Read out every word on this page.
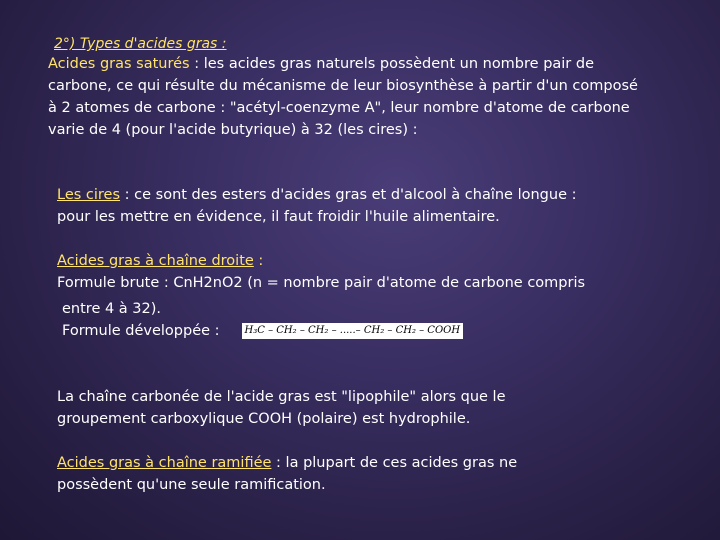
2°) Types d'acides gras :
Acides gras saturés : les acides gras naturels possèdent un nombre pair de
carbone, ce qui résulte du mécanisme de leur biosynthèse à partir d'un composé
à 2 atomes de carbone : "acétyl-coenzyme A", leur nombre d'atome de carbone
varie de 4 (pour l'acide butyrique) à 32 (les cires) :
Les cires : ce sont des esters d'acides gras et d'alcool à chaîne longue :
pour les mettre en évidence, il faut froidir l'huile alimentaire.
Acides gras à chaîne droite :
Formule brute : CnH2nO2 (n = nombre pair d'atome de carbone compris
entre 4 à 32).
Formule développée :	H₃C – CH₂ – CH₂ – .....– CH₂ – CH₂ – COOH
La chaîne carbonée de l'acide gras est "lipophile" alors que le
groupement carboxylique COOH (polaire) est hydrophile.
Acides gras à chaîne ramifiée : la plupart de ces acides gras ne
possèdent qu'une seule ramification.
